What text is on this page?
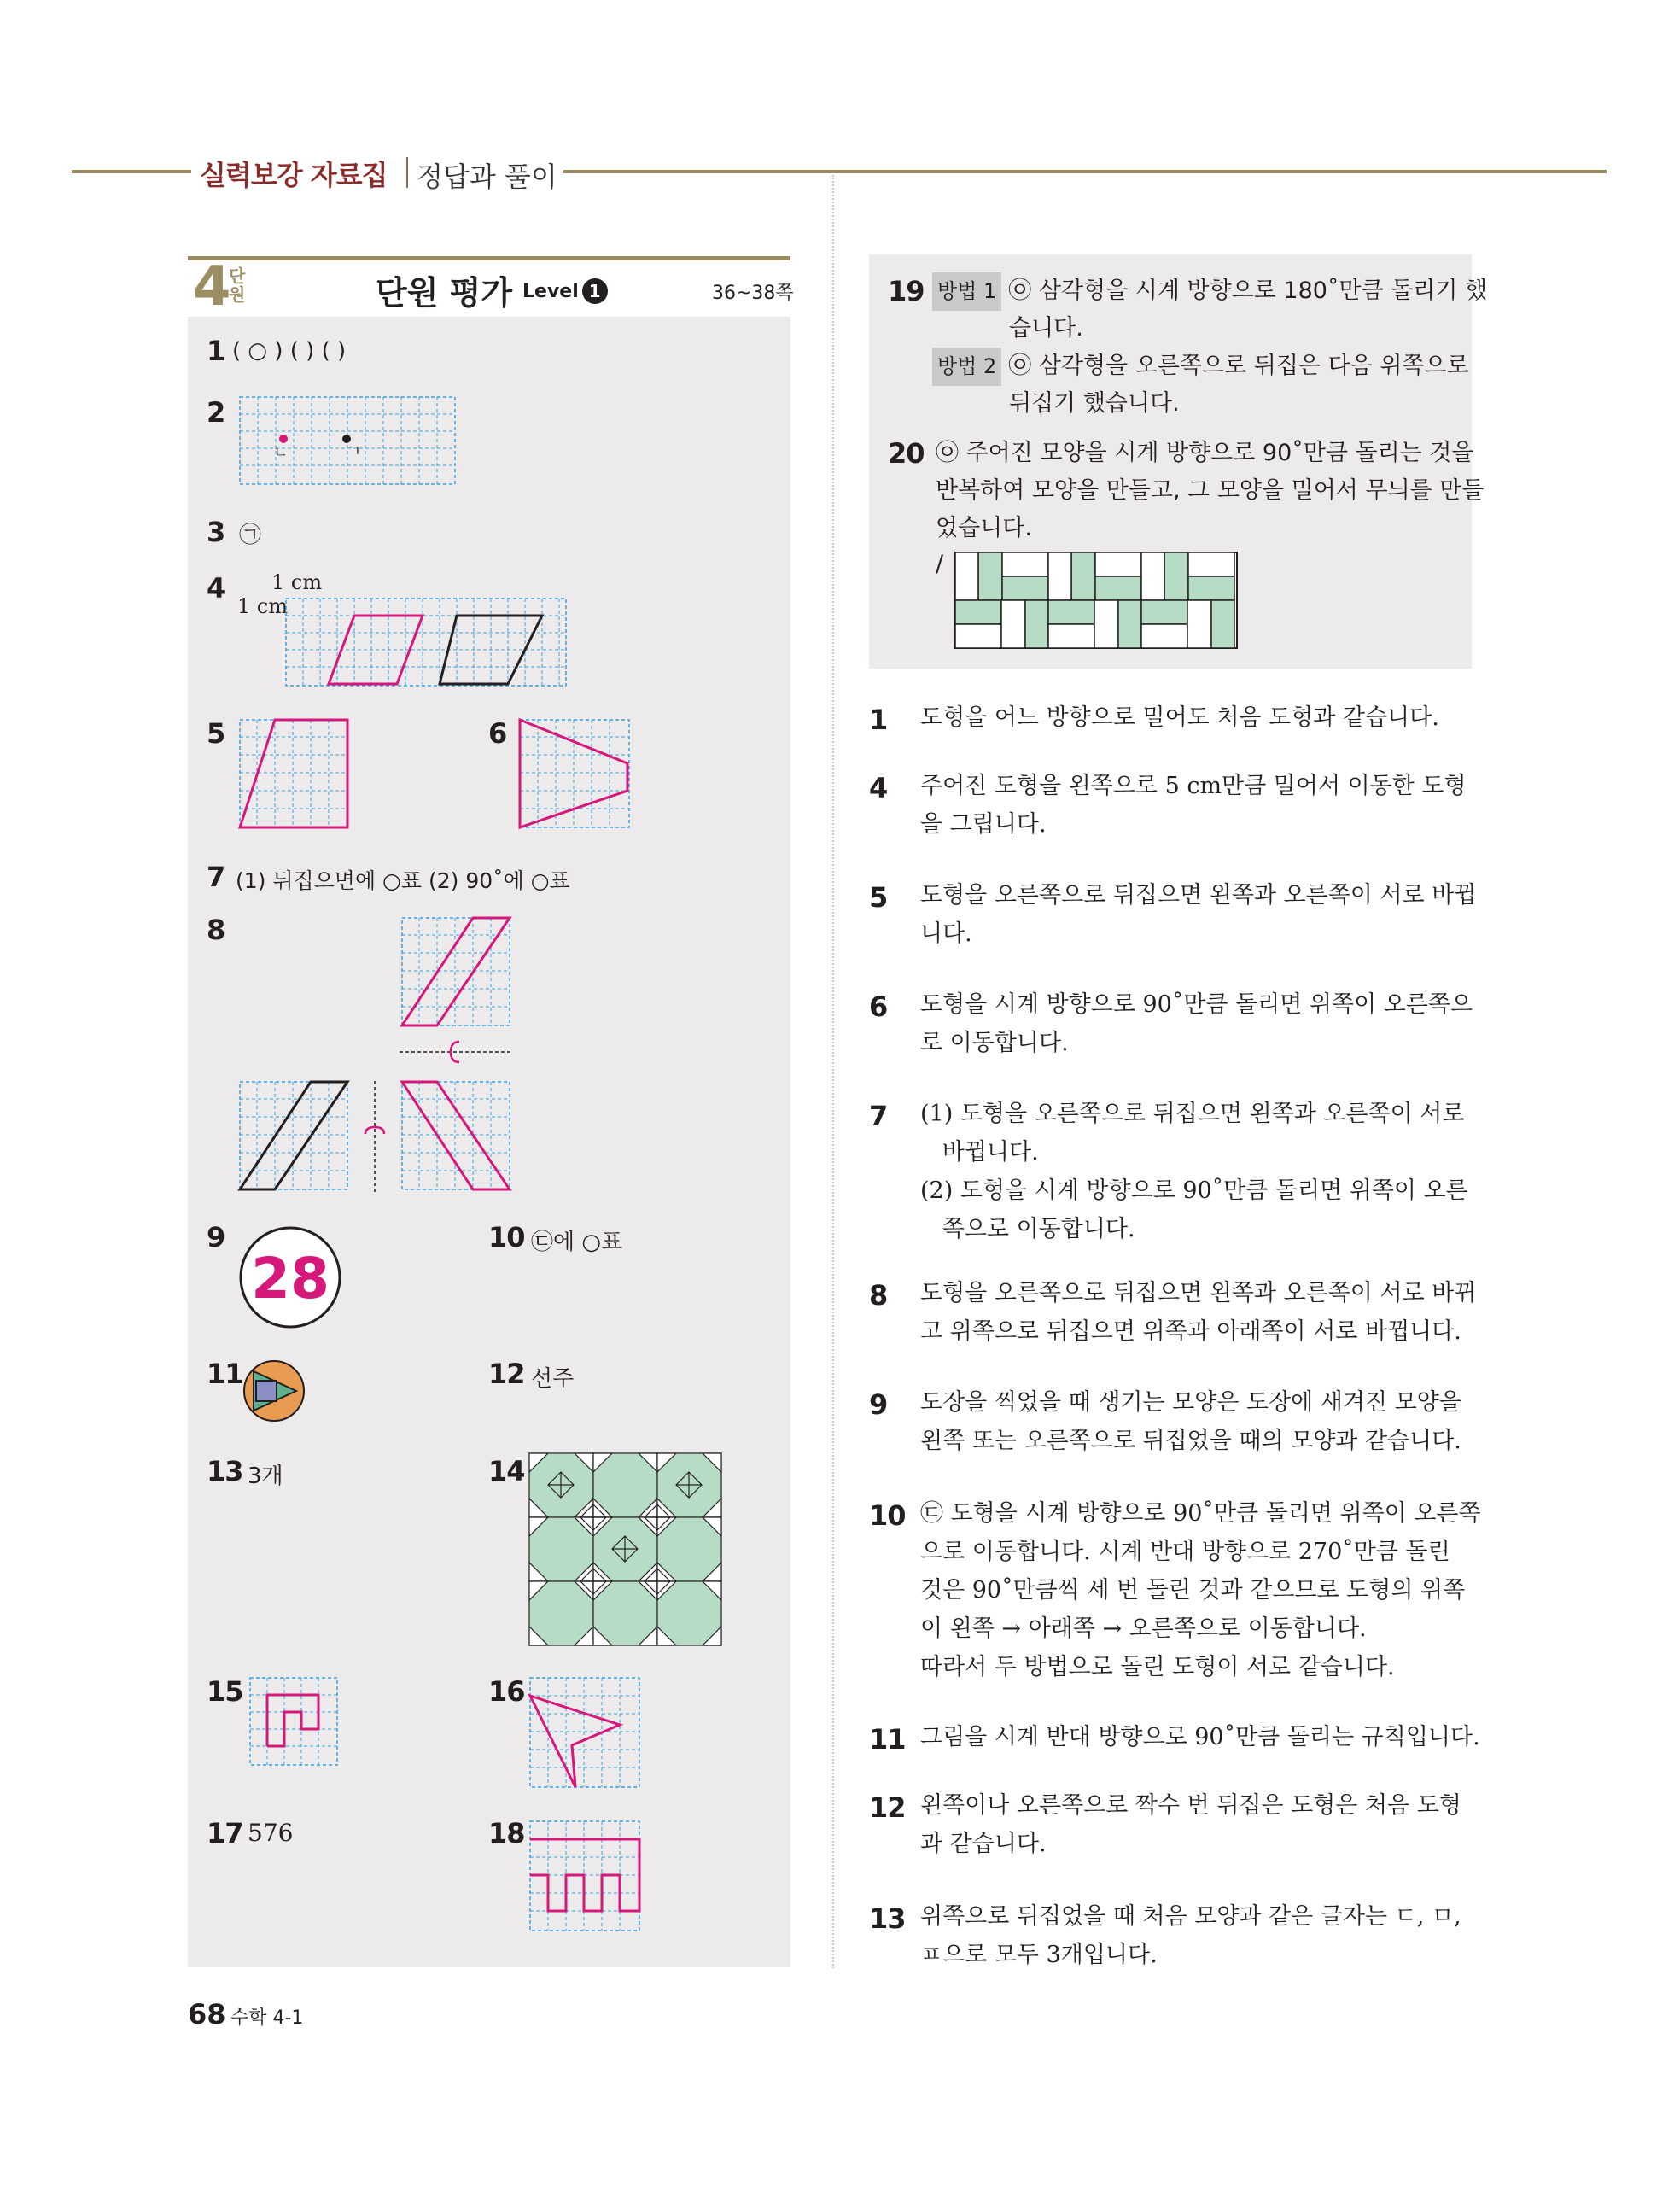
실력보강 자료집 정답과 풀이
4
단원	단원 평가 Level 1	36~38쪽
1 ( ○ ) ( ) ( )
2
ㄴ	ㄱ
3 ㉠
4 1 cm
1 cm
5	6
7 (1) 뒤집으면에 ○표 (2) 90˚에 ○표
8
9
28
10 ㉢에 ○표
11	12 선주
13 3개	14
15	16
17 576	18
19 방법 1 ㉧ 삼각형을 시계 방향으로 180˚만큼 돌리기 했
습니다.
방법 2 ㉧ 삼각형을 오른쪽으로 뒤집은 다음 위쪽으로
뒤집기 했습니다.
20 ㉧ 주어진 모양을 시계 방향으로 90˚만큼 돌리는 것을
반복하여 모양을 만들고, 그 모양을 밀어서 무늬를 만들
었습니다.
/
1 도형을 어느 방향으로 밀어도 처음 도형과 같습니다.
4 주어진 도형을 왼쪽으로 5 cm만큼 밀어서 이동한 도형
을 그립니다.
5 도형을 오른쪽으로 뒤집으면 왼쪽과 오른쪽이 서로 바뀝
니다.
6 도형을 시계 방향으로 90˚만큼 돌리면 위쪽이 오른쪽으
로 이동합니다.
7 (1) 도형을 오른쪽으로 뒤집으면 왼쪽과 오른쪽이 서로
바뀝니다.
(2) 도형을 시계 방향으로 90˚만큼 돌리면 위쪽이 오른
쪽으로 이동합니다.
8 도형을 오른쪽으로 뒤집으면 왼쪽과 오른쪽이 서로 바뀌
고 위쪽으로 뒤집으면 위쪽과 아래쪽이 서로 바뀝니다.
9 도장을 찍었을 때 생기는 모양은 도장에 새겨진 모양을
왼쪽 또는 오른쪽으로 뒤집었을 때의 모양과 같습니다.
10 ㉢ 도형을 시계 방향으로 90˚만큼 돌리면 위쪽이 오른쪽
으로 이동합니다. 시계 반대 방향으로 270˚만큼 돌린
것은 90˚만큼씩 세 번 돌린 것과 같으므로 도형의 위쪽
이 왼쪽 → 아래쪽 → 오른쪽으로 이동합니다.
따라서 두 방법으로 돌린 도형이 서로 같습니다.
11 그림을 시계 반대 방향으로 90˚만큼 돌리는 규칙입니다.
12 왼쪽이나 오른쪽으로 짝수 번 뒤집은 도형은 처음 도형
과 같습니다.
13 위쪽으로 뒤집었을 때 처음 모양과 같은 글자는 ㄷ, ㅁ,
ㅍ으로 모두 3개입니다.
68 수학 4-1
